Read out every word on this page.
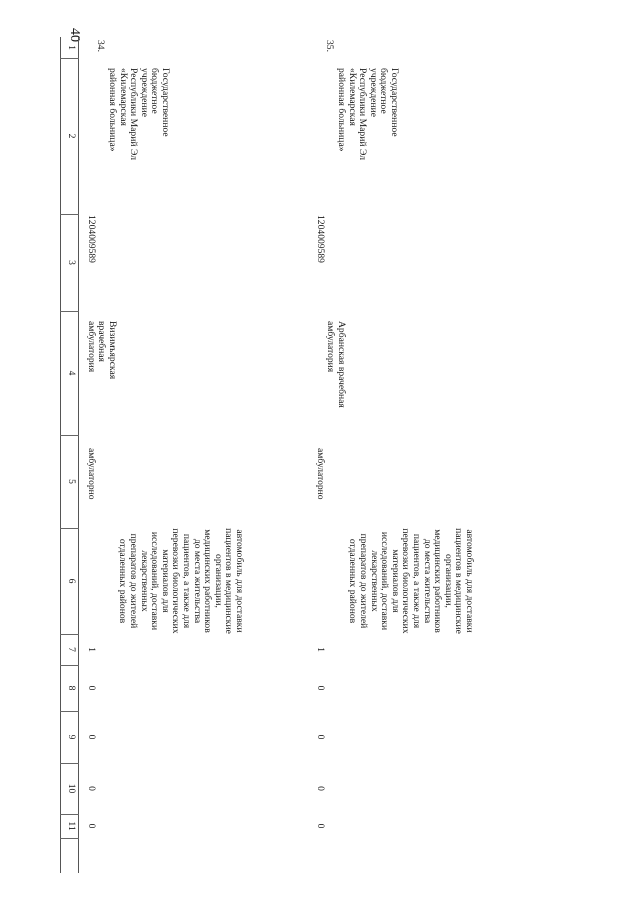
40
1
2
3
4
5
6
7
8
9
10
11
34.
Государственное бюджетное учреждение Республики Марий Эл «Килемарская районная больница»
1204009589
Визимъярская врачебная амбулатория
амбулаторно
автомобиль для доставки пациентов в медицинские организации, медицинских работников до места жительства пациентов, а также для перевозки биологических материалов для исследований, доставки лекарственных препаратов до жителей отдаленных районов
1
0
0
0
0
35.
Государственное бюджетное учреждение Республики Марий Эл «Килемарская районная больница»
1204009589
Арбанская врачебная амбулатория
амбулаторно
автомобиль для доставки пациентов в медицинские организации, медицинских работников до места жительства пациентов, а также для перевозки биологических материалов для исследований, доставки лекарственных препаратов до жителей отдаленных районов
1
0
0
0
0
